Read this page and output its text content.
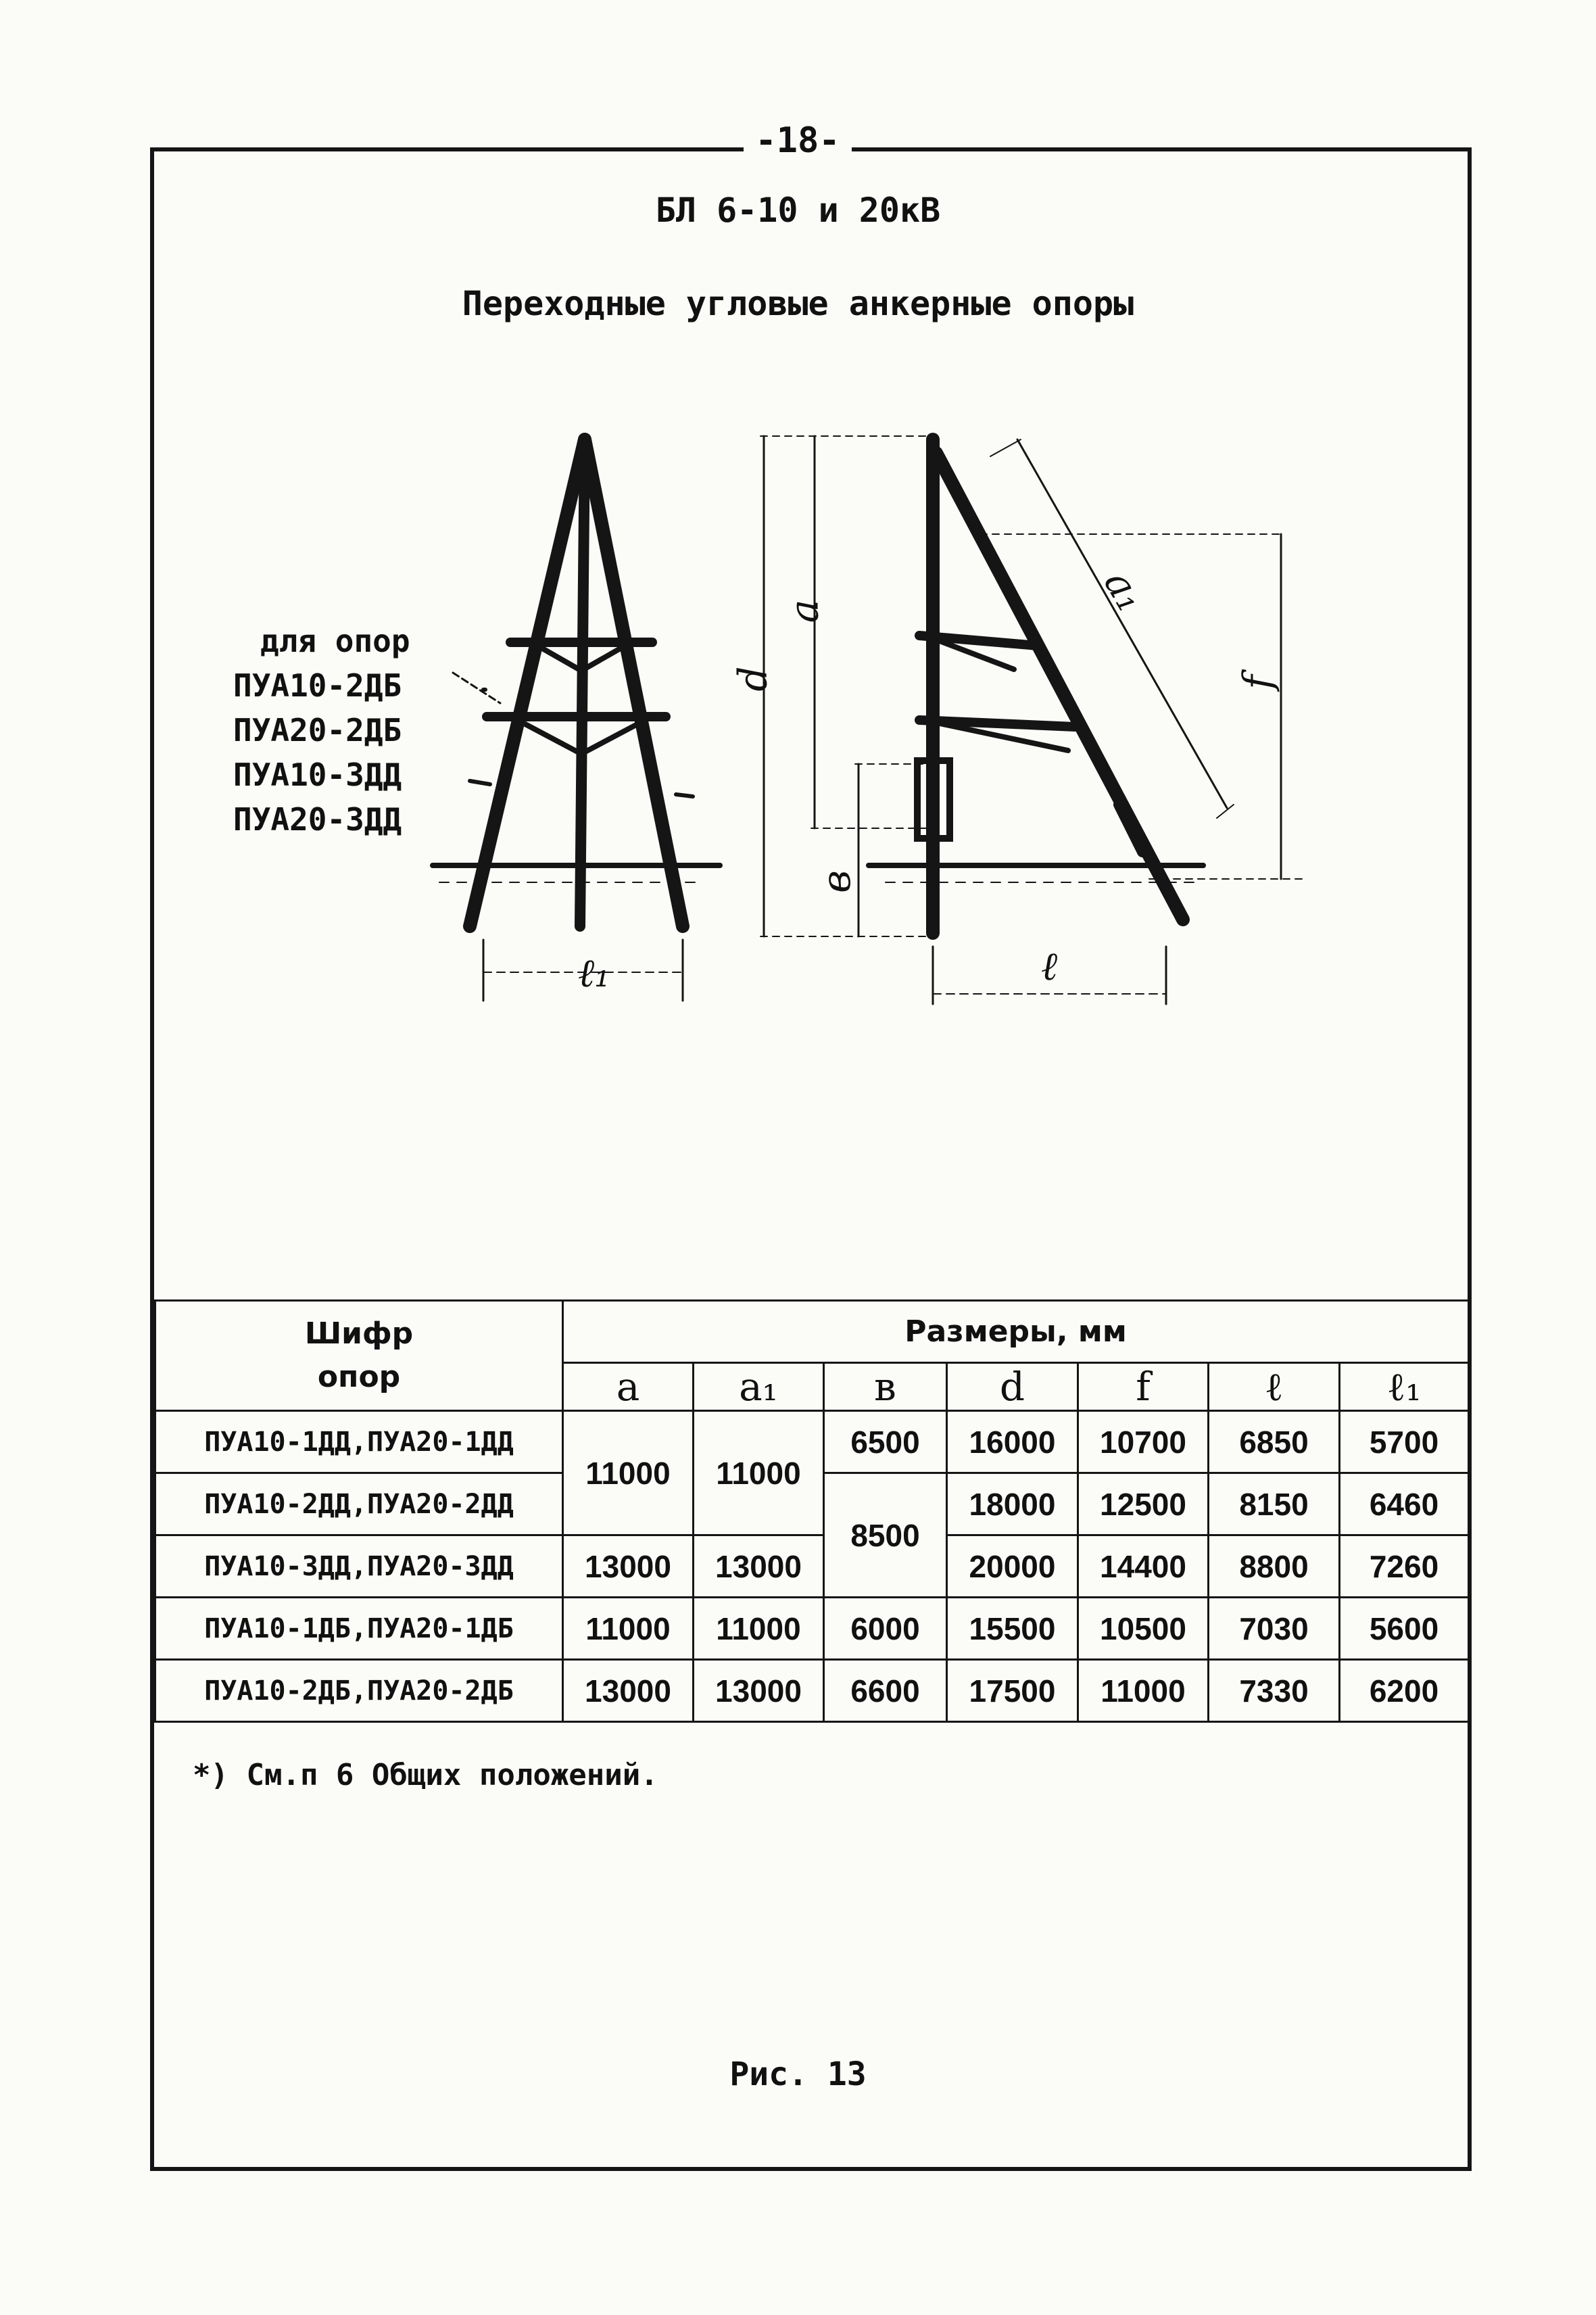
-18-
БЛ 6-10 и 20кВ
Переходные угловые анкерные опоры
для опор
ПУА10-2ДБ
ПУА20-2ДБ
ПУА10-3ДД
ПУА20-3ДД
ℓ₁
d
a
в
a₁
f
ℓ
Шифр
опор	Размеры, мм						
	a	a₁	в	d	f	ℓ	ℓ₁
ПУА10-1ДД,ПУА20-1ДД	11000	11000	6500	16000	10700	6850	5700
ПУА10-2ДД,ПУА20-2ДД			8500	18000	12500	8150	6460
ПУА10-3ДД,ПУА20-3ДД	13000	13000		20000	14400	8800	7260
ПУА10-1ДБ,ПУА20-1ДБ	11000	11000	6000	15500	10500	7030	5600
ПУА10-2ДБ,ПУА20-2ДБ	13000	13000	6600	17500	11000	7330	6200
*) См.п 6 Общих положений.
Рис. 13
